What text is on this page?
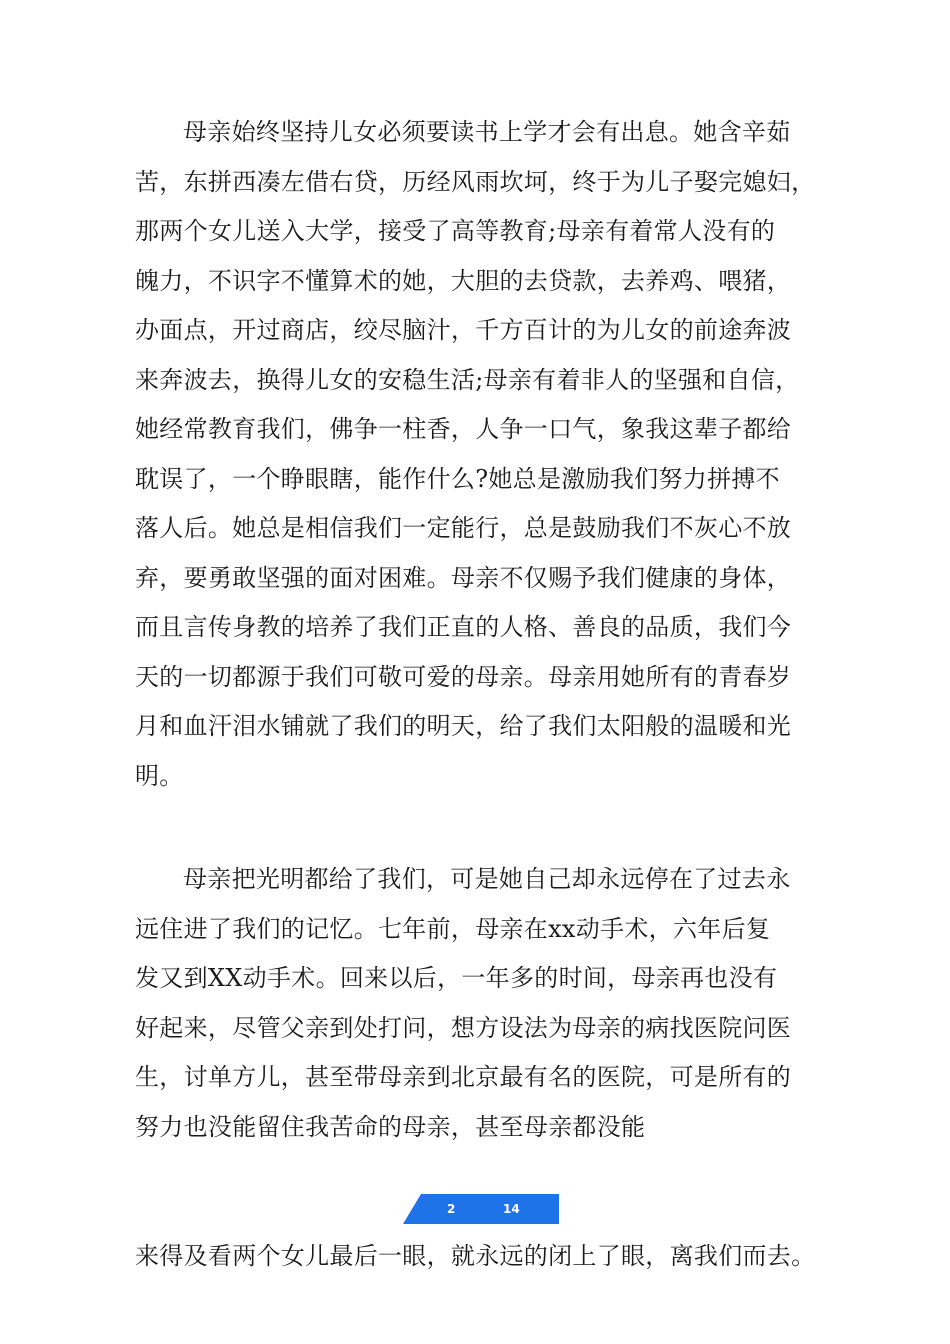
母亲始终坚持儿女必须要读书上学才会有出息。她含辛茹
苦，东拼西凑左借右贷，历经风雨坎坷，终于为儿子娶完媳妇，
那两个女儿送入大学，接受了高等教育;母亲有着常人没有的
魄力，不识字不懂算术的她，大胆的去贷款，去养鸡、喂猪，
办面点，开过商店，绞尽脑汁，千方百计的为儿女的前途奔波
来奔波去，换得儿女的安稳生活;母亲有着非人的坚强和自信，
她经常教育我们，佛争一柱香，人争一口气，象我这辈子都给
耽误了，一个睁眼瞎，能作什么?她总是激励我们努力拼搏不
落人后。她总是相信我们一定能行，总是鼓励我们不灰心不放
弃，要勇敢坚强的面对困难。母亲不仅赐予我们健康的身体，
而且言传身教的培养了我们正直的人格、善良的品质，我们今
天的一切都源于我们可敬可爱的母亲。母亲用她所有的青春岁
月和血汗泪水铺就了我们的明天，给了我们太阳般的温暖和光
明。
母亲把光明都给了我们，可是她自己却永远停在了过去永
远住进了我们的记忆。七年前，母亲在xx动手术，六年后复
发又到XX动手术。回来以后，一年多的时间，母亲再也没有
好起来，尽管父亲到处打问，想方设法为母亲的病找医院问医
生，讨单方儿，甚至带母亲到北京最有名的医院，可是所有的
努力也没能留住我苦命的母亲，甚至母亲都没能
2	14
来得及看两个女儿最后一眼，就永远的闭上了眼，离我们而去。
